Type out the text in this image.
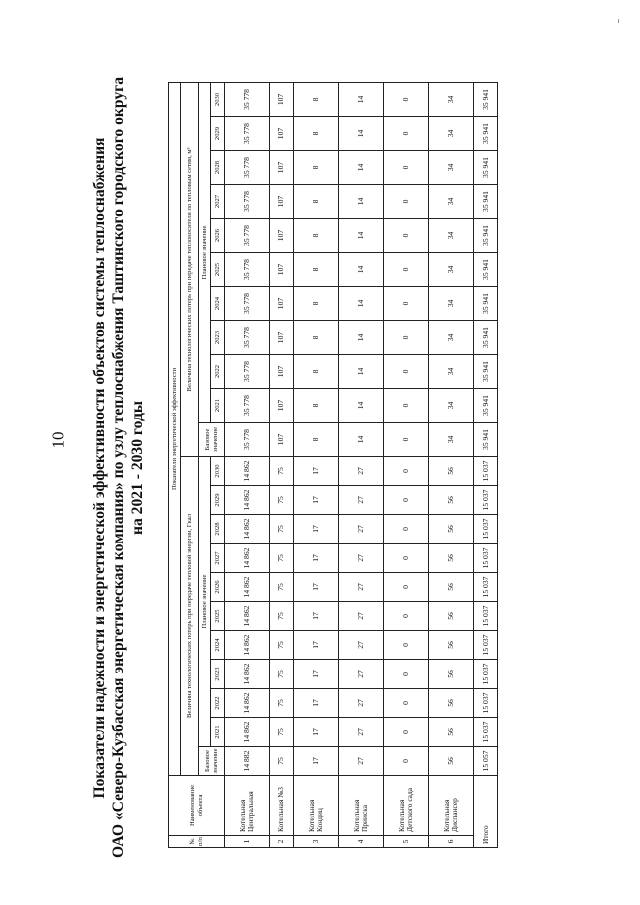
10 Показатели надежности и энергетической эффективности объектов системы теплоснабжения ОАО «Северо-Кузбасская энергетическая компания» по узлу теплоснабжения Таштинского городского округа на 2021 - 2030 годы
№ п/п	Наименование объекта	Показатели энергетической эффективности																					
		Величина технологических потерь при передаче тепловой энергии, Гкал											Величина технологических потерь при передаче теплоносителя по тепловым сетям, м³										
		Базовое значение	Плановое значение										Базовое значение	Плановое значение									
			2021	2022	2023	2024	2025	2026	2027	2028	2029	2030		2021	2022	2023	2024	2025	2026	2027	2028	2029	2030
1	Котельная Центральная	14 882	14 862	14 862	14 862	14 862	14 862	14 862	14 862	14 862	14 862	14 862	35 778	35 778	35 778	35 778	35 778	35 778	35 778	35 778	35 778	35 778	35 778
2	Котельная №3	75	75	75	75	75	75	75	75	75	75	75	107	107	107	107	107	107	107	107	107	107	107
3	Котельная Кондиц	17	17	17	17	17	17	17	17	17	17	17	8	8	8	8	8	8	8	8	8	8	8
4	Котельная Прииска	27	27	27	27	27	27	27	27	27	27	27	14	14	14	14	14	14	14	14	14	14	14
5	Котельная Детского сада	0	0	0	0	0	0	0	0	0	0	0	0	0	0	0	0	0	0	0	0	0	0
6	Котельная Диспансер	56	56	56	56	56	56	56	56	56	56	56	34	34	34	34	34	34	34	34	34	34	34
Итого		15 057	15 037	15 037	15 037	15 037	15 037	15 037	15 037	15 037	15 037	15 037	35 941	35 941	35 941	35 941	35 941	35 941	35 941	35 941	35 941	35 941	35 941
